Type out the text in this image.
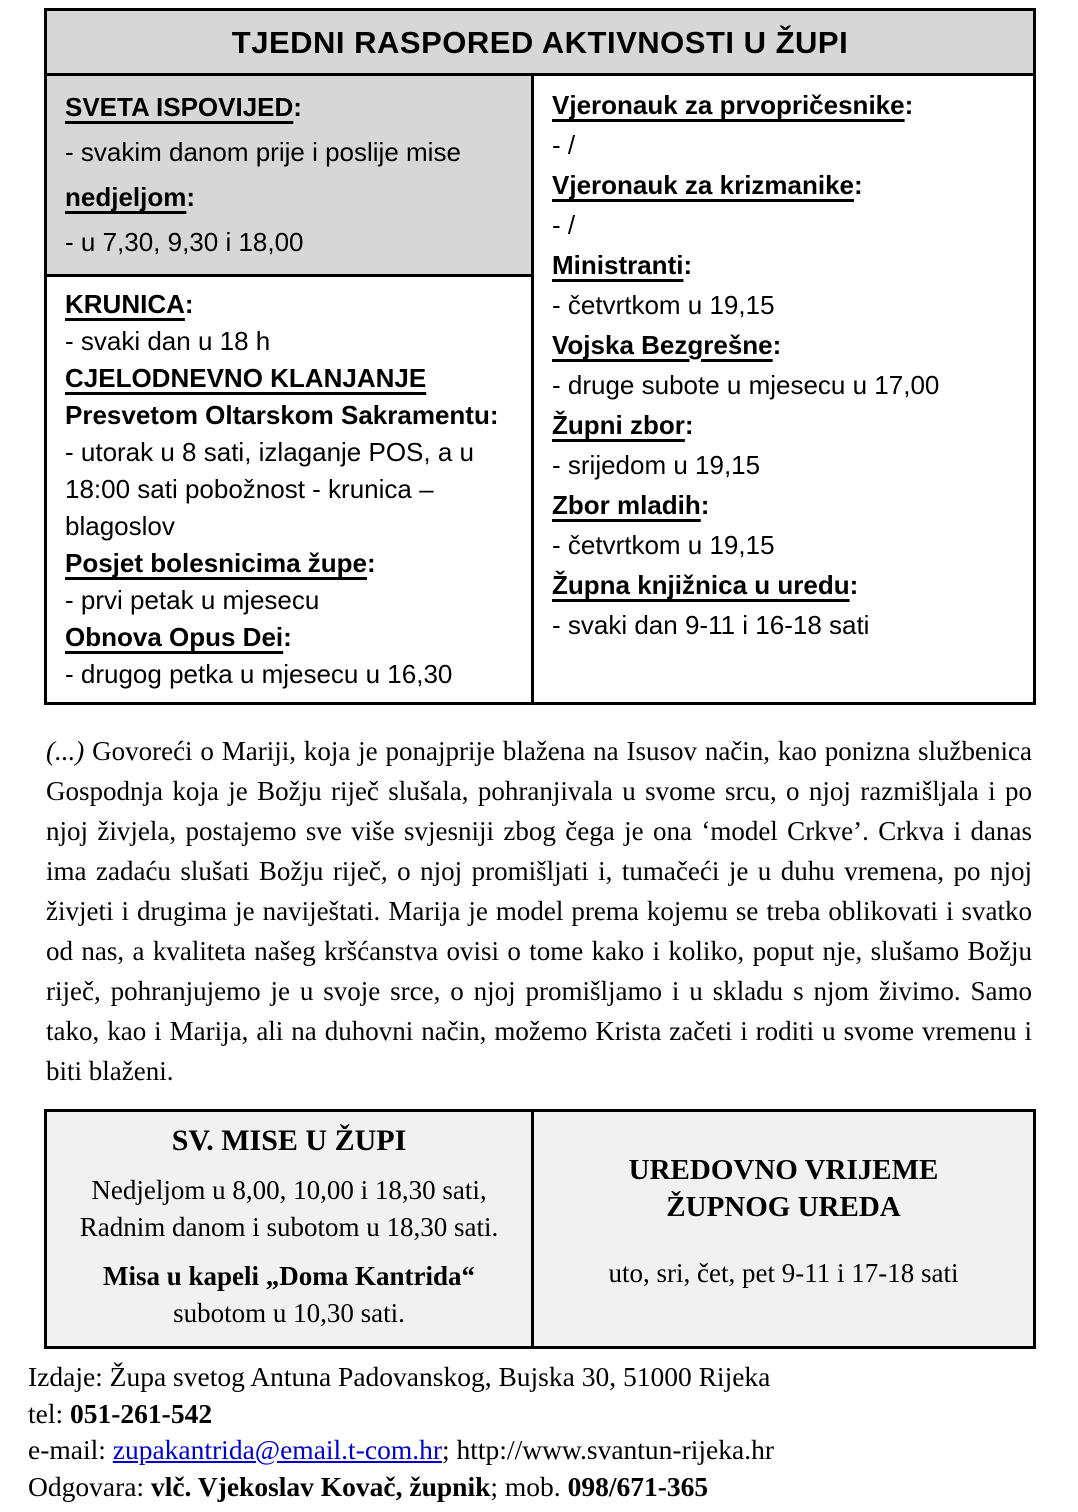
TJEDNI RASPORED AKTIVNOSTI U ŽUPI
SVETA ISPOVIJED:
- svakim danom prije i poslije mise
nedjeljom:
- u 7,30, 9,30 i 18,00
KRUNICA:
- svaki dan u 18 h
CJELODNEVNO KLANJANJE
Presvetom Oltarskom Sakramentu:
- utorak u 8 sati, izlaganje POS, a u 18:00 sati pobožnost - krunica – blagoslov
Posjet bolesnicima župe:
- prvi petak u mjesecu
Obnova Opus Dei:
- drugog petka u mjesecu u 16,30
Vjeronauk za prvopričesnike:
- /
Vjeronauk za krizmanike:
- /
Ministranti:
- četvrtkom u 19,15
Vojska Bezgrešne:
- druge subote u mjesecu u 17,00
Župni zbor:
- srijedom u 19,15
Zbor mladih:
- četvrtkom u 19,15
Župna knjižnica u uredu:
- svaki dan 9-11 i 16-18 sati

(...) Govoreći o Mariji, koja je ponajprije blažena na Isusov način, kao ponizna službenica Gospodnja koja je Božju riječ slušala, pohranjivala u svome srcu, o njoj razmišljala i po njoj živjela, postajemo sve više svjesniji zbog čega je ona ‘model Crkve’. Crkva i danas ima zadaću slušati Božju riječ, o njoj promišljati i, tumačeći je u duhu vremena, po njoj živjeti i drugima je naviještati. Marija je model prema kojemu se treba oblikovati i svatko od nas, a kvaliteta našeg kršćanstva ovisi o tome kako i koliko, poput nje, slušamo Božju riječ, pohranjujemo je u svoje srce, o njoj promišljamo i u skladu s njom živimo. Samo tako, kao i Marija, ali na duhovni način, možemo Krista začeti i roditi u svome vremenu i biti blaženi.

SV. MISE U ŽUPI
Nedjeljom u 8,00, 10,00 i 18,30 sati, Radnim danom i subotom u 18,30 sati.
Misa u kapeli „Doma Kantrida“
subotom u 10,30 sati.
UREDOVNO VRIJEME
ŽUPNOG UREDA
uto, sri, čet, pet 9-11 i 17-18 sati
Izdaje: Župa svetog Antuna Padovanskog, Bujska 30, 51000 Rijeka
tel: 051-261-542
e-mail: zupakantrida@email.t-com.hr; http://www.svantun-rijeka.hr
Odgovara: vlč. Vjekoslav Kovač, župnik; mob. 098/671-365
